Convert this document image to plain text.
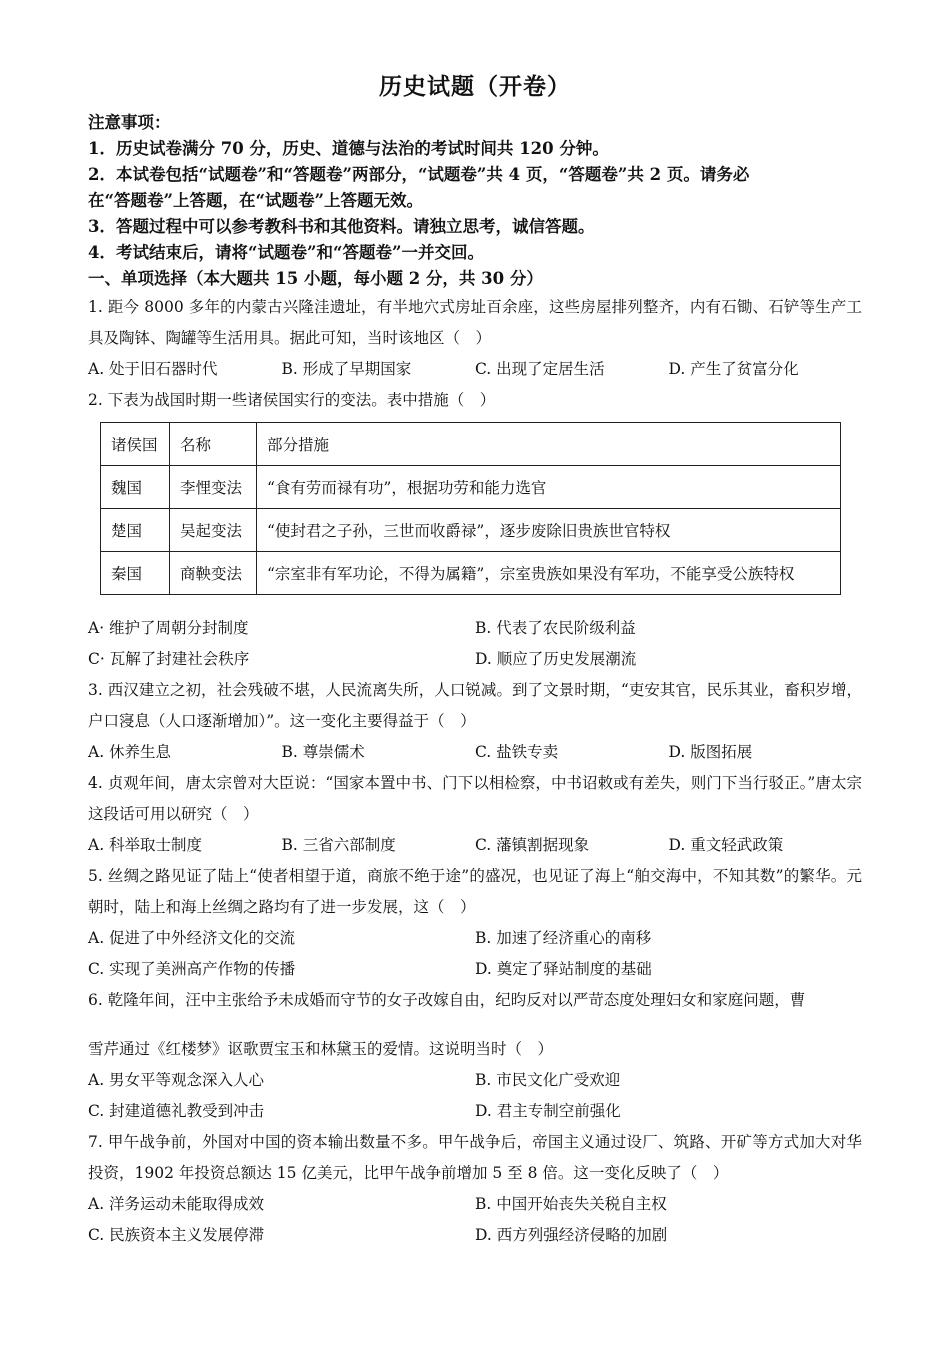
历史试题（开卷）
注意事项：
1．历史试卷满分 70 分，历史、道德与法治的考试时间共 120 分钟。
2．本试卷包括“试题卷”和“答题卷”两部分，“试题卷”共 4 页，“答题卷”共 2 页。请务必
在“答题卷”上答题，在“试题卷”上答题无效。
3．答题过程中可以参考教科书和其他资料。请独立思考，诚信答题。
4．考试结束后，请将“试题卷”和“答题卷”一并交回。
一、单项选择（本大题共 15 小题，每小题 2 分，共 30 分）
1. 距今 8000 多年的内蒙古兴隆洼遗址，有半地穴式房址百余座，这些房屋排列整齐，内有石锄、石铲等生产工具及陶钵、陶罐等生活用具。据此可知，当时该地区（　）
A. 处于旧石器时代	B. 形成了早期国家	C. 出现了定居生活	D. 产生了贫富分化
2. 下表为战国时期一些诸侯国实行的变法。表中措施（　）
诸侯国	名称	部分措施
魏国	李悝变法	“食有劳而禄有功”，根据功劳和能力选官
楚国	吴起变法	“使封君之子孙，三世而收爵禄”，逐步废除旧贵族世官特权
秦国	商鞅变法	“宗室非有军功论，不得为属籍”，宗室贵族如果没有军功，不能享受公族特权
A· 维护了周朝分封制度	B. 代表了农民阶级利益
C· 瓦解了封建社会秩序	D. 顺应了历史发展潮流
3. 西汉建立之初，社会残破不堪，人民流离失所，人口锐减。到了文景时期，“吏安其官，民乐其业，畜积岁增，户口寖息（人口逐渐增加）”。这一变化主要得益于（　）
A. 休养生息	B. 尊崇儒术	C. 盐铁专卖	D. 版图拓展
4. 贞观年间，唐太宗曾对大臣说：“国家本置中书、门下以相检察，中书诏敕或有差失，则门下当行驳正。”唐太宗这段话可用以研究（　）
A. 科举取士制度	B. 三省六部制度	C. 藩镇割据现象	D. 重文轻武政策
5. 丝绸之路见证了陆上“使者相望于道，商旅不绝于途”的盛况，也见证了海上“舶交海中，不知其数”的繁华。元朝时，陆上和海上丝绸之路均有了进一步发展，这（　）
A. 促进了中外经济文化的交流	B. 加速了经济重心的南移
C. 实现了美洲高产作物的传播	D. 奠定了驿站制度的基础
6. 乾隆年间，汪中主张给予未成婚而守节的女子改嫁自由，纪昀反对以严苛态度处理妇女和家庭问题，曹
雪芹通过《红楼梦》讴歌贾宝玉和林黛玉的爱情。这说明当时（　）
A. 男女平等观念深入人心	B. 市民文化广受欢迎
C. 封建道德礼教受到冲击	D. 君主专制空前强化
7. 甲午战争前，外国对中国的资本输出数量不多。甲午战争后，帝国主义通过设厂、筑路、开矿等方式加大对华投资，1902 年投资总额达 15 亿美元，比甲午战争前增加 5 至 8 倍。这一变化反映了（　）
A. 洋务运动未能取得成效	B. 中国开始丧失关税自主权
C. 民族资本主义发展停滞	D. 西方列强经济侵略的加剧
